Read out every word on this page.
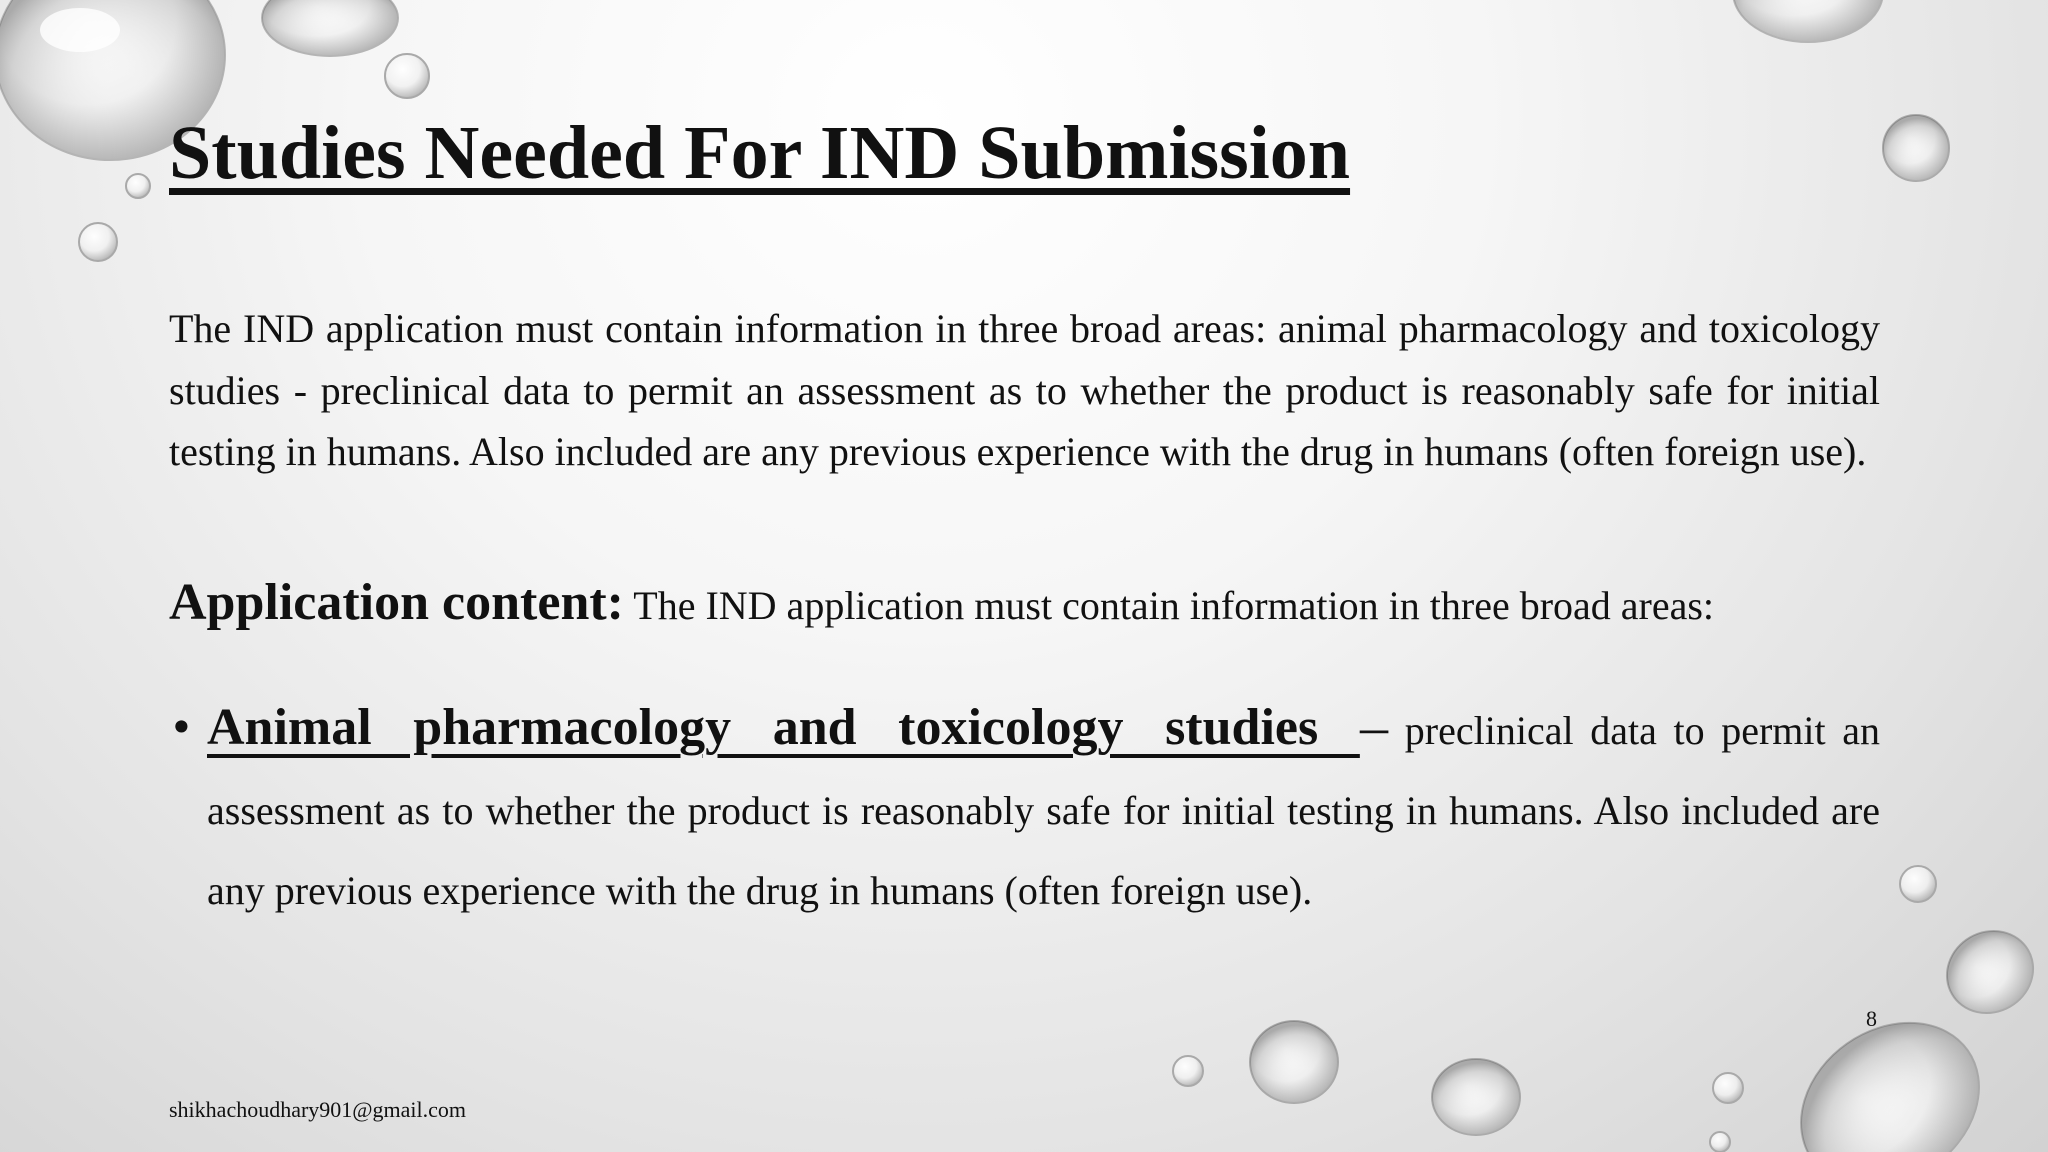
Studies Needed For IND Submission

The IND application must contain information in three broad areas: animal pharmacology and toxicology studies - preclinical data to permit an assessment as to whether the product is reasonably safe for initial testing in humans. Also included are any previous experience with the drug in humans (often foreign use).

Application content: The IND application must contain information in three broad areas:

• Animal pharmacology and toxicology studies ─ preclinical data to permit an assessment as to whether the product is reasonably safe for initial testing in humans. Also included are any previous experience with the drug in humans (often foreign use).
8
shikhachoudhary901@gmail.com
